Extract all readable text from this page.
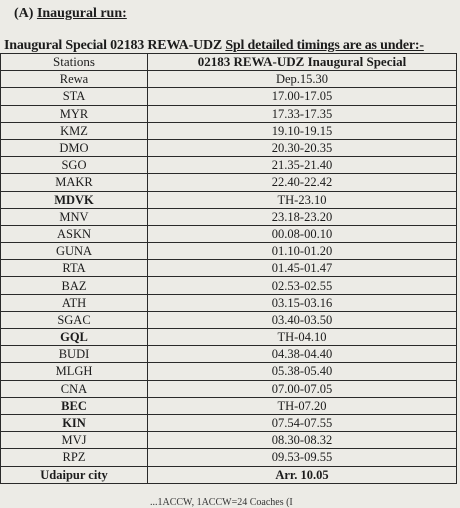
(A) Inaugural run:
Inaugural Special 02183 REWA-UDZ Spl detailed timings are as under:-
Stations	02183 REWA-UDZ Inaugural Special
Rewa	Dep.15.30
STA	17.00-17.05
MYR	17.33-17.35
KMZ	19.10-19.15
DMO	20.30-20.35
SGO	21.35-21.40
MAKR	22.40-22.42
MDVK	TH-23.10
MNV	23.18-23.20
ASKN	00.08-00.10
GUNA	01.10-01.20
RTA	01.45-01.47
BAZ	02.53-02.55
ATH	03.15-03.16
SGAC	03.40-03.50
GQL	TH-04.10
BUDI	04.38-04.40
MLGH	05.38-05.40
CNA	07.00-07.05
BEC	TH-07.20
KIN	07.54-07.55
MVJ	08.30-08.32
RPZ	09.53-09.55
Udaipur city	Arr. 10.05
...1ACCW, 1ACCW=24 Coaches (I
